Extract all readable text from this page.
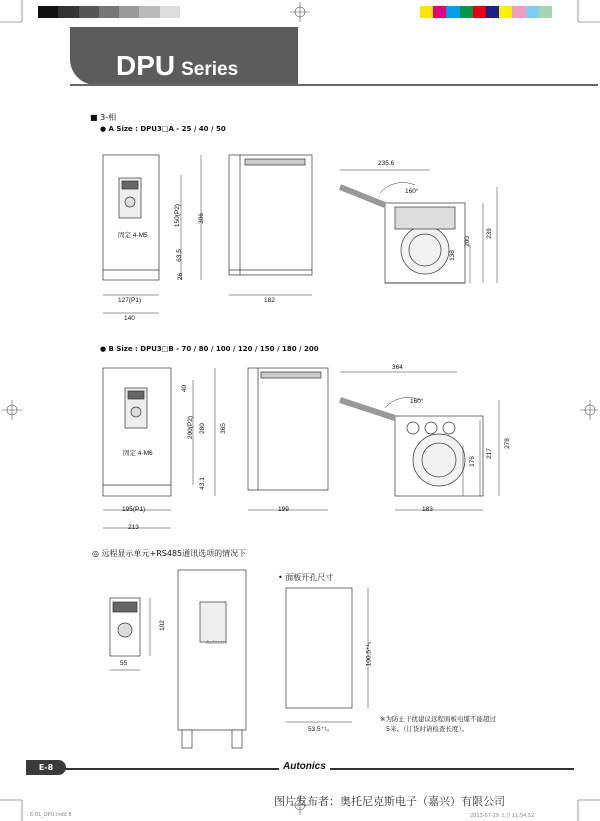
DPU Series
■ 3-相
● A Size : DPU3□A - 25 / 40 / 50
306
150(P2)
63.5
26
固定 4-M5
127(P1)
140
182
235.6
160°
138
200
239
● B Size : DPU3□B - 70 / 80 / 100 / 120 / 150 / 180 / 200
40
200(P2) 280 365
43.1
固定 4-M6
195(P1)
213
199
364
160°
183
176
217
278
◎ 远程显示单元+RS485通讯选项的情况下
• 面板开孔尺寸
102
55	100.5⁺¹₀
53.5⁺¹₀
Autonics
※为防止干扰建议远程面板电缆不能超过
5米。（订货时请检查长度）。
E-8	Autonics
图片发布者：奥托尼克斯电子（嘉兴）有限公司
E-01_DPU.indd 8	2013-07-29 오전 11:54:52
